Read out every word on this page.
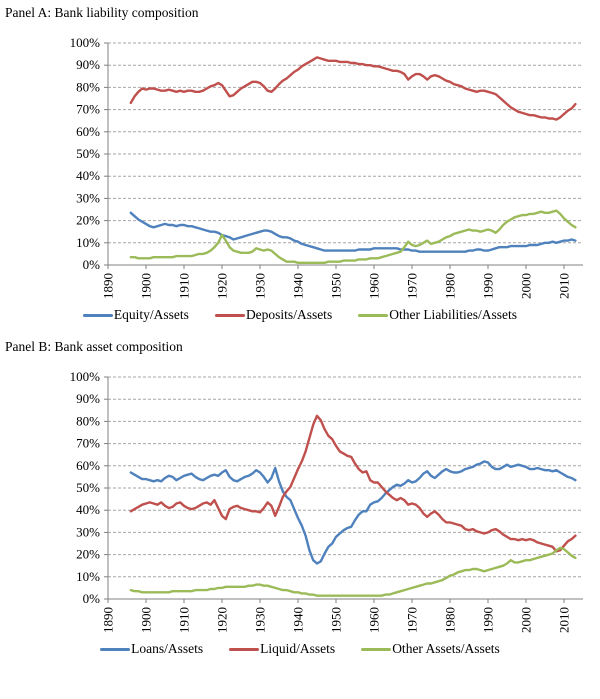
Panel A: Bank liability composition
0%
10%
20%
30%
40%
50%
60%
70%
80%
90%
100%
1890 1900 1910 1920 1930 1940 1950 1960 1970 1980 1990 2000 2010
Equity/Assets	Deposits/Assets	Other Liabilities/Assets
Panel B: Bank asset composition
0%
10%
20%
30%
40%
50%
60%
70%
80%
90%
100%
1890 1900 1910 1920 1930 1940 1950 1960 1970 1980 1990 2000 2010
Loans/Assets	Liquid/Assets	Other Assets/Assets
